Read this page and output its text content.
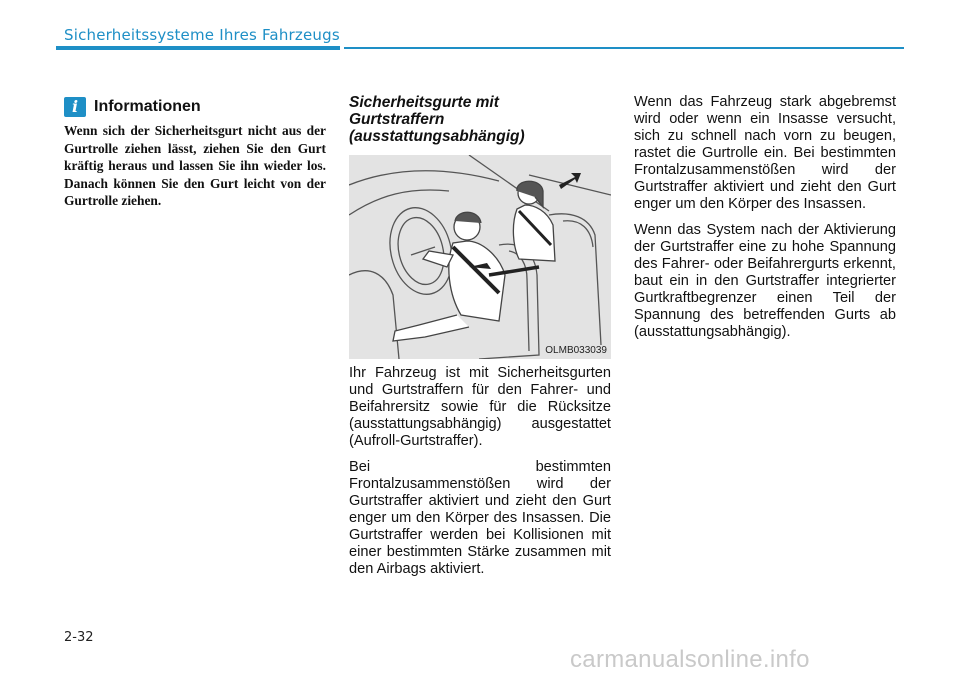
Sicherheitssysteme Ihres Fahrzeugs
i Informationen

Wenn sich der Sicherheitsgurt nicht aus der Gurtrolle ziehen lässt, ziehen Sie den Gurt kräftig heraus und lassen Sie ihn wieder los. Danach können Sie den Gurt leicht von der Gurtrolle ziehen.

Sicherheitsgurte mit
Gurtstraffern
(ausstattungsabhängig)
OLMB033039

Ihr Fahrzeug ist mit Sicherheitsgurten und Gurtstraffern für den Fahrer- und Beifahrersitz sowie für die Rücksitze (ausstattungsabhängig) ausgestattet (Aufroll-Gurtstraffer).

Bei bestimmten Frontalzusammenstößen wird der Gurtstraffer aktiviert und zieht den Gurt enger um den Körper des Insassen. Die Gurtstraffer werden bei Kollisionen mit einer bestimmten Stärke zusammen mit den Airbags aktiviert.

Wenn das Fahrzeug stark abgebremst wird oder wenn ein Insasse versucht, sich zu schnell nach vorn zu beugen, rastet die Gurtrolle ein. Bei bestimmten Frontalzusammenstößen wird der Gurtstraffer aktiviert und zieht den Gurt enger um den Körper des Insassen.

Wenn das System nach der Aktivierung der Gurtstraffer eine zu hohe Spannung des Fahrer- oder Beifahrergurts erkennt, baut ein in den Gurtstraffer integrierter Gurtkraftbegrenzer einen Teil der Spannung des betreffenden Gurts ab (ausstattungsabhängig).

2-32
carmanualsonline.info
